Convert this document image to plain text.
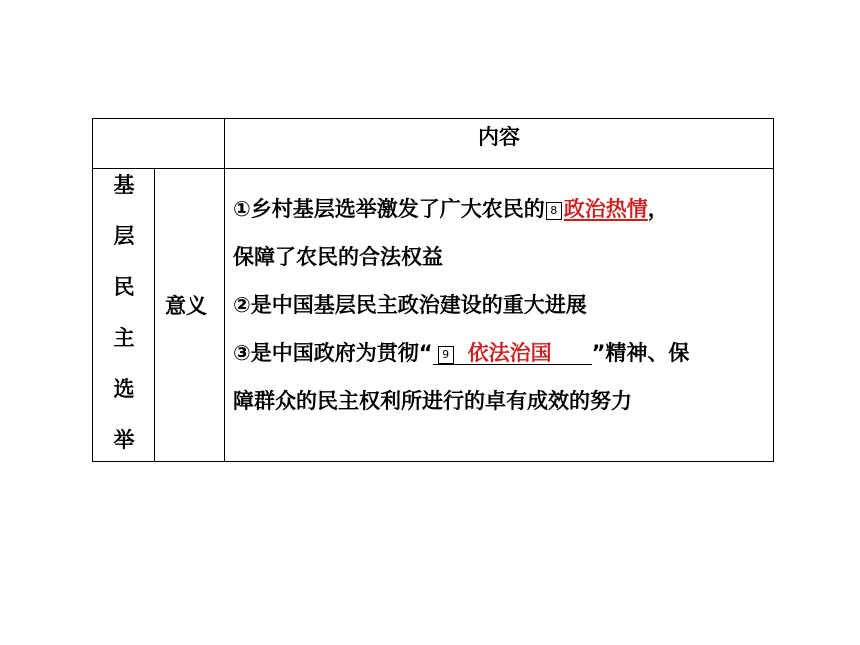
内容
基
层
民
主
选
举
意义
①乡村基层选举激发了广大农民的 8 政治热情，
保障了农民的合法权益
②是中国基层民主政治建设的重大进展
③是中国政府为贯彻“ 9 依法治国 ”精神、保
障群众的民主权利所进行的卓有成效的努力
